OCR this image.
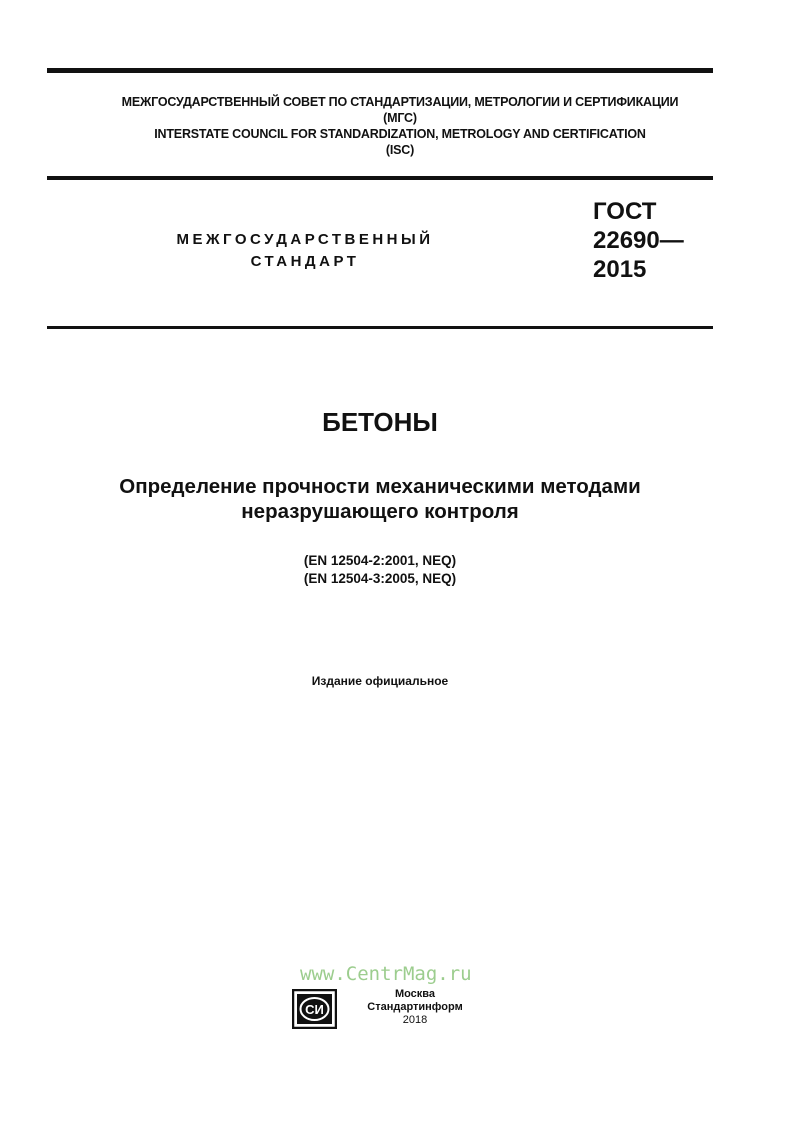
МЕЖГОСУДАРСТВЕННЫЙ СОВЕТ ПО СТАНДАРТИЗАЦИИ, МЕТРОЛОГИИ И СЕРТИФИКАЦИИ
(МГС)
INTERSTATE COUNCIL FOR STANDARDIZATION, METROLOGY AND CERTIFICATION
(ISC)
МЕЖГОСУДАРСТВЕННЫЙ
СТАНДАРТ
ГОСТ
22690—
2015
БЕТОНЫ
Определение прочности механическими методами
неразрушающего контроля
(EN 12504-2:2001, NEQ)
(EN 12504-3:2005, NEQ)
Издание официальное
www.CentrMag.ru
СИ
Москва
Стандартинформ
2018
